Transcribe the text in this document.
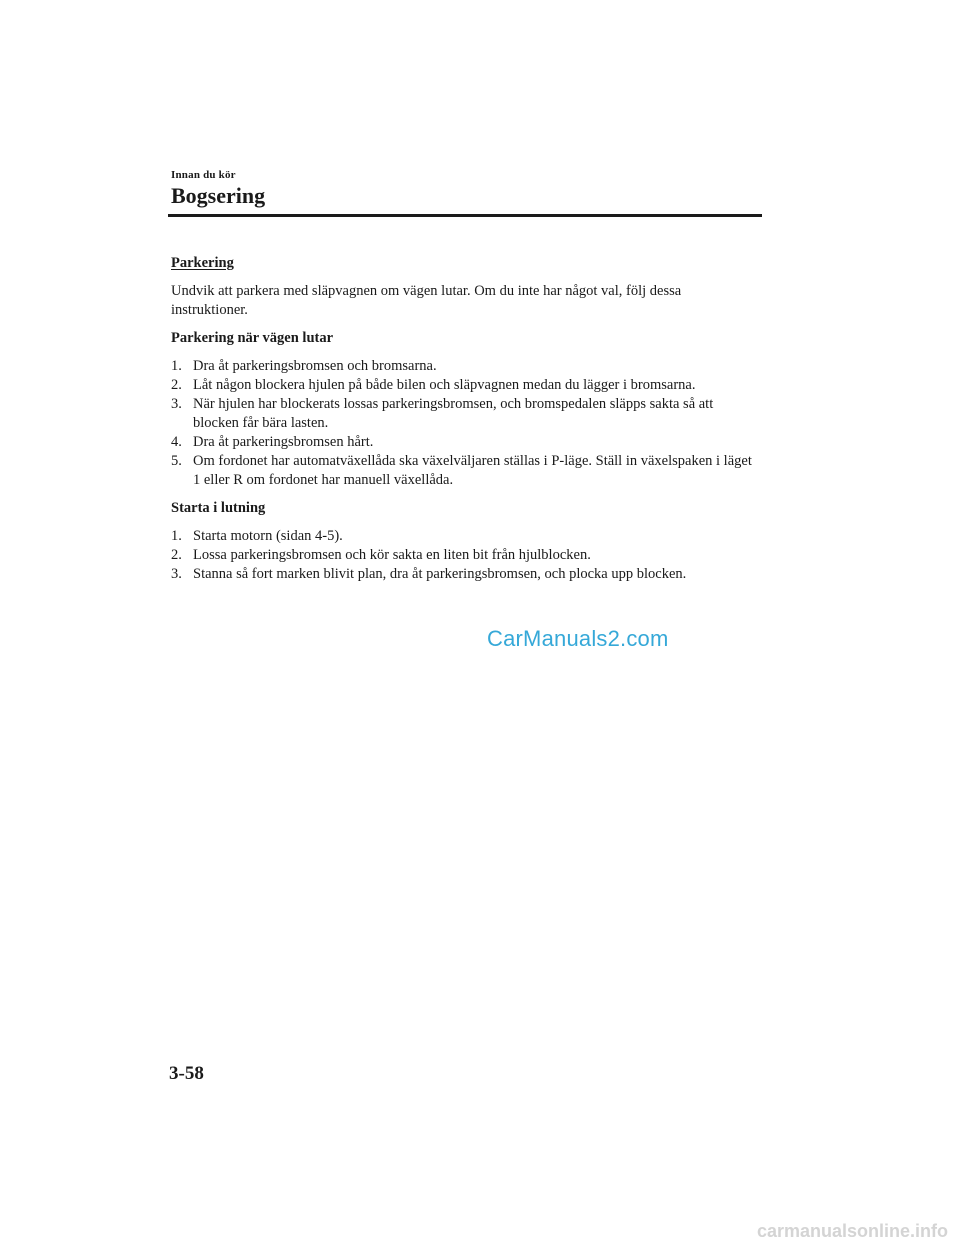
Innan du kör
Bogsering
Parkering
Undvik att parkera med släpvagnen om vägen lutar. Om du inte har något val, följ dessa instruktioner.
Parkering när vägen lutar
1. Dra åt parkeringsbromsen och bromsarna.
2. Låt någon blockera hjulen på både bilen och släpvagnen medan du lägger i bromsarna.
3. När hjulen har blockerats lossas parkeringsbromsen, och bromspedalen släpps sakta så att blocken får bära lasten.
4. Dra åt parkeringsbromsen hårt.
5. Om fordonet har automatväxellåda ska växelväljaren ställas i P-läge. Ställ in växelspaken i läget 1 eller R om fordonet har manuell växellåda.
Starta i lutning
1. Starta motorn (sidan 4-5).
2. Lossa parkeringsbromsen och kör sakta en liten bit från hjulblocken.
3. Stanna så fort marken blivit plan, dra åt parkeringsbromsen, och plocka upp blocken.
CarManuals2.com
3-58
carmanualsonline.info
